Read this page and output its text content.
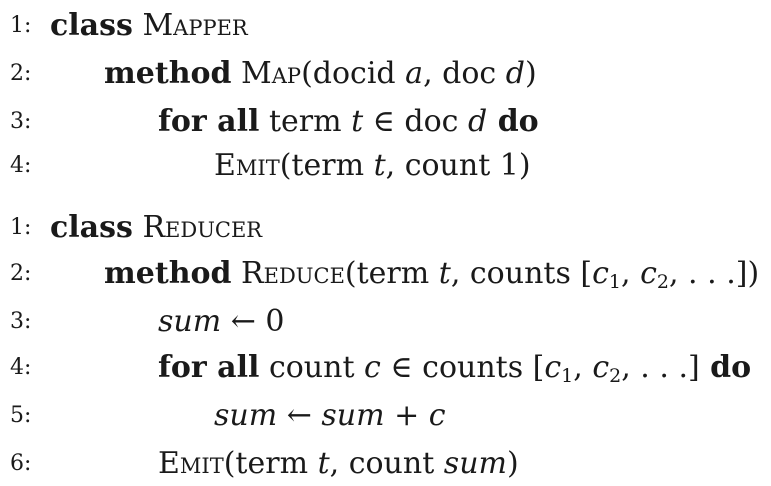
1: class Mapper
2:	method Map(docid a, doc d)
3:	for all term t ∈ doc d do
4:	Emit(term t, count 1)
1: class Reducer
2:	method Reduce(term t, counts [$c_1$, $c_2$, . . .])
3:	sum ← 0
4:	for all count c ∈ counts [$c_1$, $c_2$, . . .] do
5:	sum ← sum + c
6:	Emit(term t, count sum)
